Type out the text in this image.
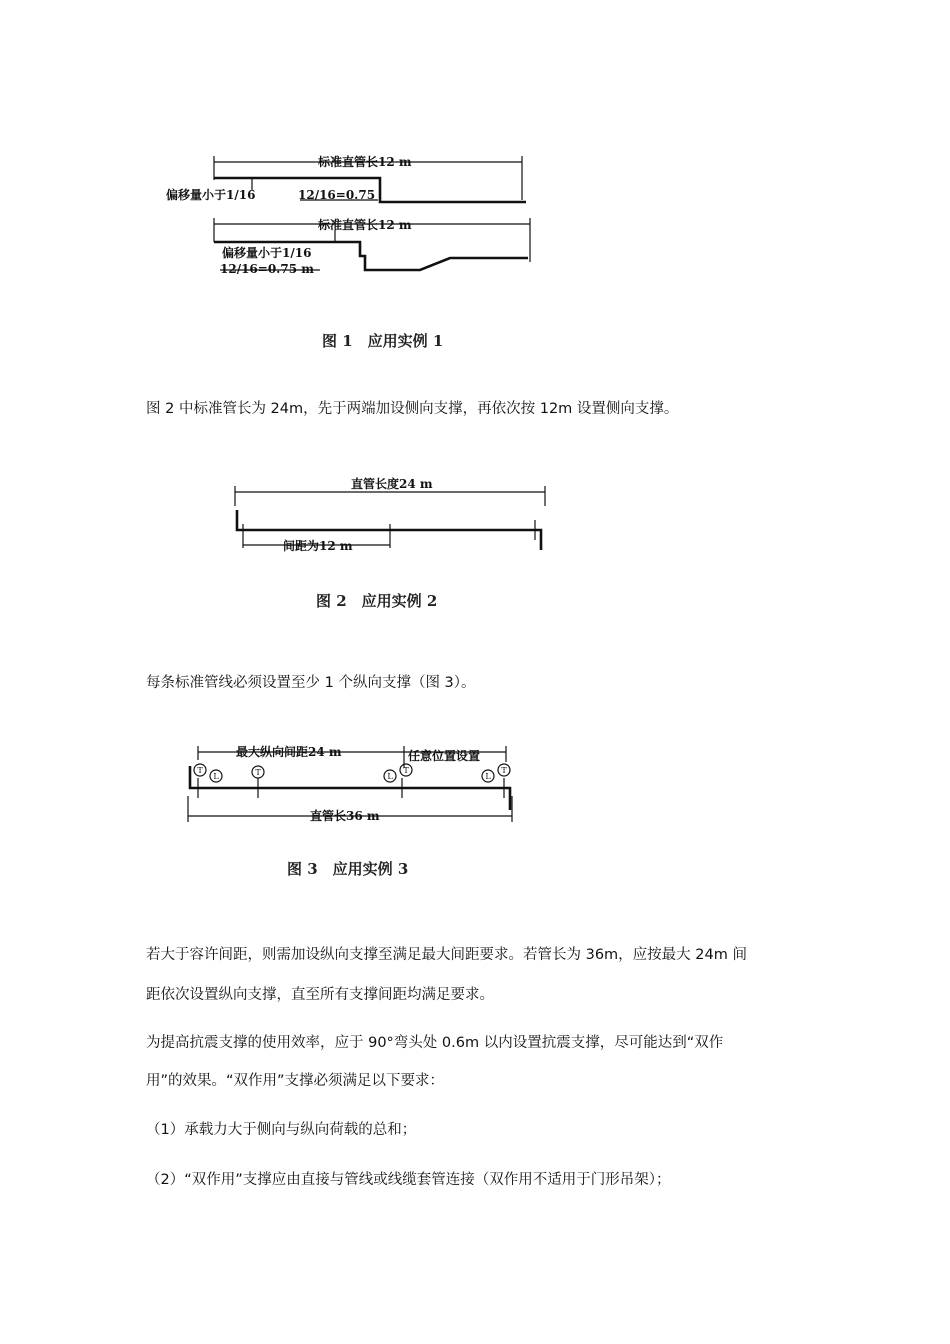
标准直管长12 m
偏移量小于1/16	12/16=0.75
标准直管长12 m
偏移量小于1/16
12/16=0.75 m
图 1　应用实例 1
图 2 中标准管长为 24m，先于两端加设侧向支撑，再依次按 12m 设置侧向支撑。
直管长度24 m
间距为12 m
图 2　应用实例 2
每条标准管线必须设置至少 1 个纵向支撑（图 3）。
T
L	T	L
T
L
T
最大纵向间距24 m	任意位置设置
直管长36 m
图 3　应用实例 3
若大于容许间距，则需加设纵向支撑至满足最大间距要求。若管长为 36m，应按最大 24m 间
距依次设置纵向支撑，直至所有支撑间距均满足要求。
为提高抗震支撑的使用效率，应于 90°弯头处 0.6m 以内设置抗震支撑，尽可能达到“双作
用”的效果。“双作用”支撑必须满足以下要求：
（1）承载力大于侧向与纵向荷载的总和；
（2）“双作用”支撑应由直接与管线或线缆套管连接（双作用不适用于门形吊架）；
